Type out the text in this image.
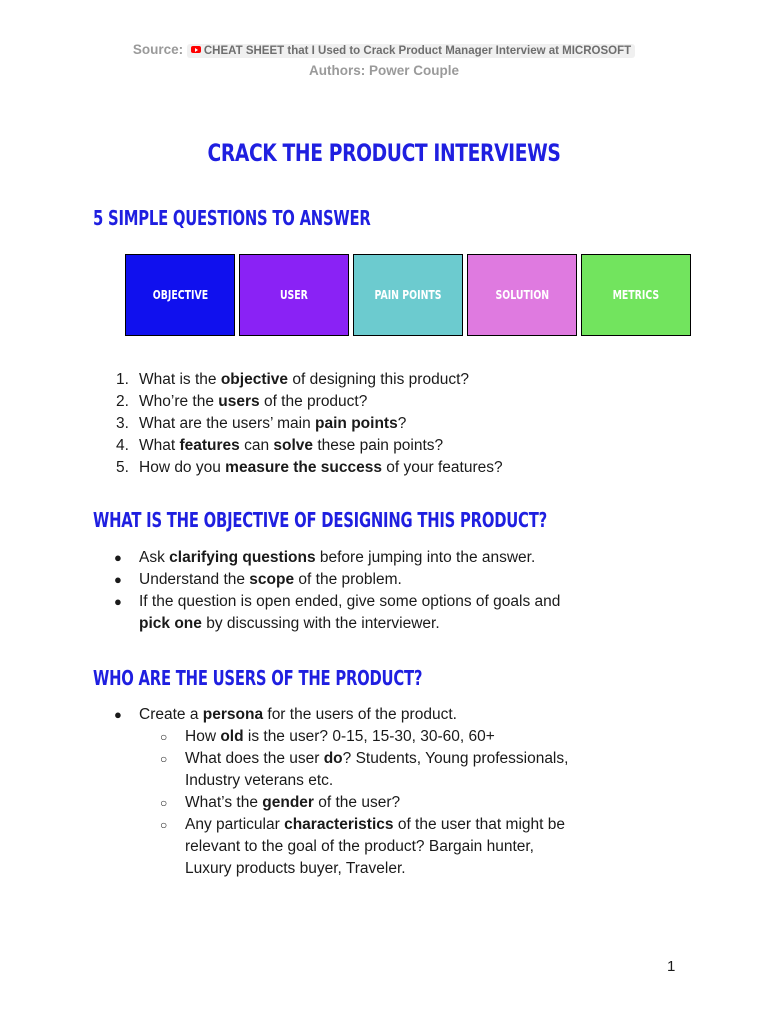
Source: CHEAT SHEET that I Used to Crack Product Manager Interview at MICROSOFT
Authors: Power Couple
CRACK THE PRODUCT INTERVIEWS
5 SIMPLE QUESTIONS TO ANSWER
OBJECTIVE	USER	PAIN POINTS	SOLUTION	METRICS
1. What is the objective of designing this product?
2. Who’re the users of the product?
3. What are the users’ main pain points?
4. What features can solve these pain points?
5. How do you measure the success of your features?
WHAT IS THE OBJECTIVE OF DESIGNING THIS PRODUCT?
● Ask clarifying questions before jumping into the answer.
● Understand the scope of the problem.
● If the question is open ended, give some options of goals and
pick one by discussing with the interviewer.
WHO ARE THE USERS OF THE PRODUCT?
● Create a persona for the users of the product.
○ How old is the user? 0-15, 15-30, 30-60, 60+
○ What does the user do? Students, Young professionals,
Industry veterans etc.
○ What’s the gender of the user?
○ Any particular characteristics of the user that might be
relevant to the goal of the product? Bargain hunter,
Luxury products buyer, Traveler.
1
